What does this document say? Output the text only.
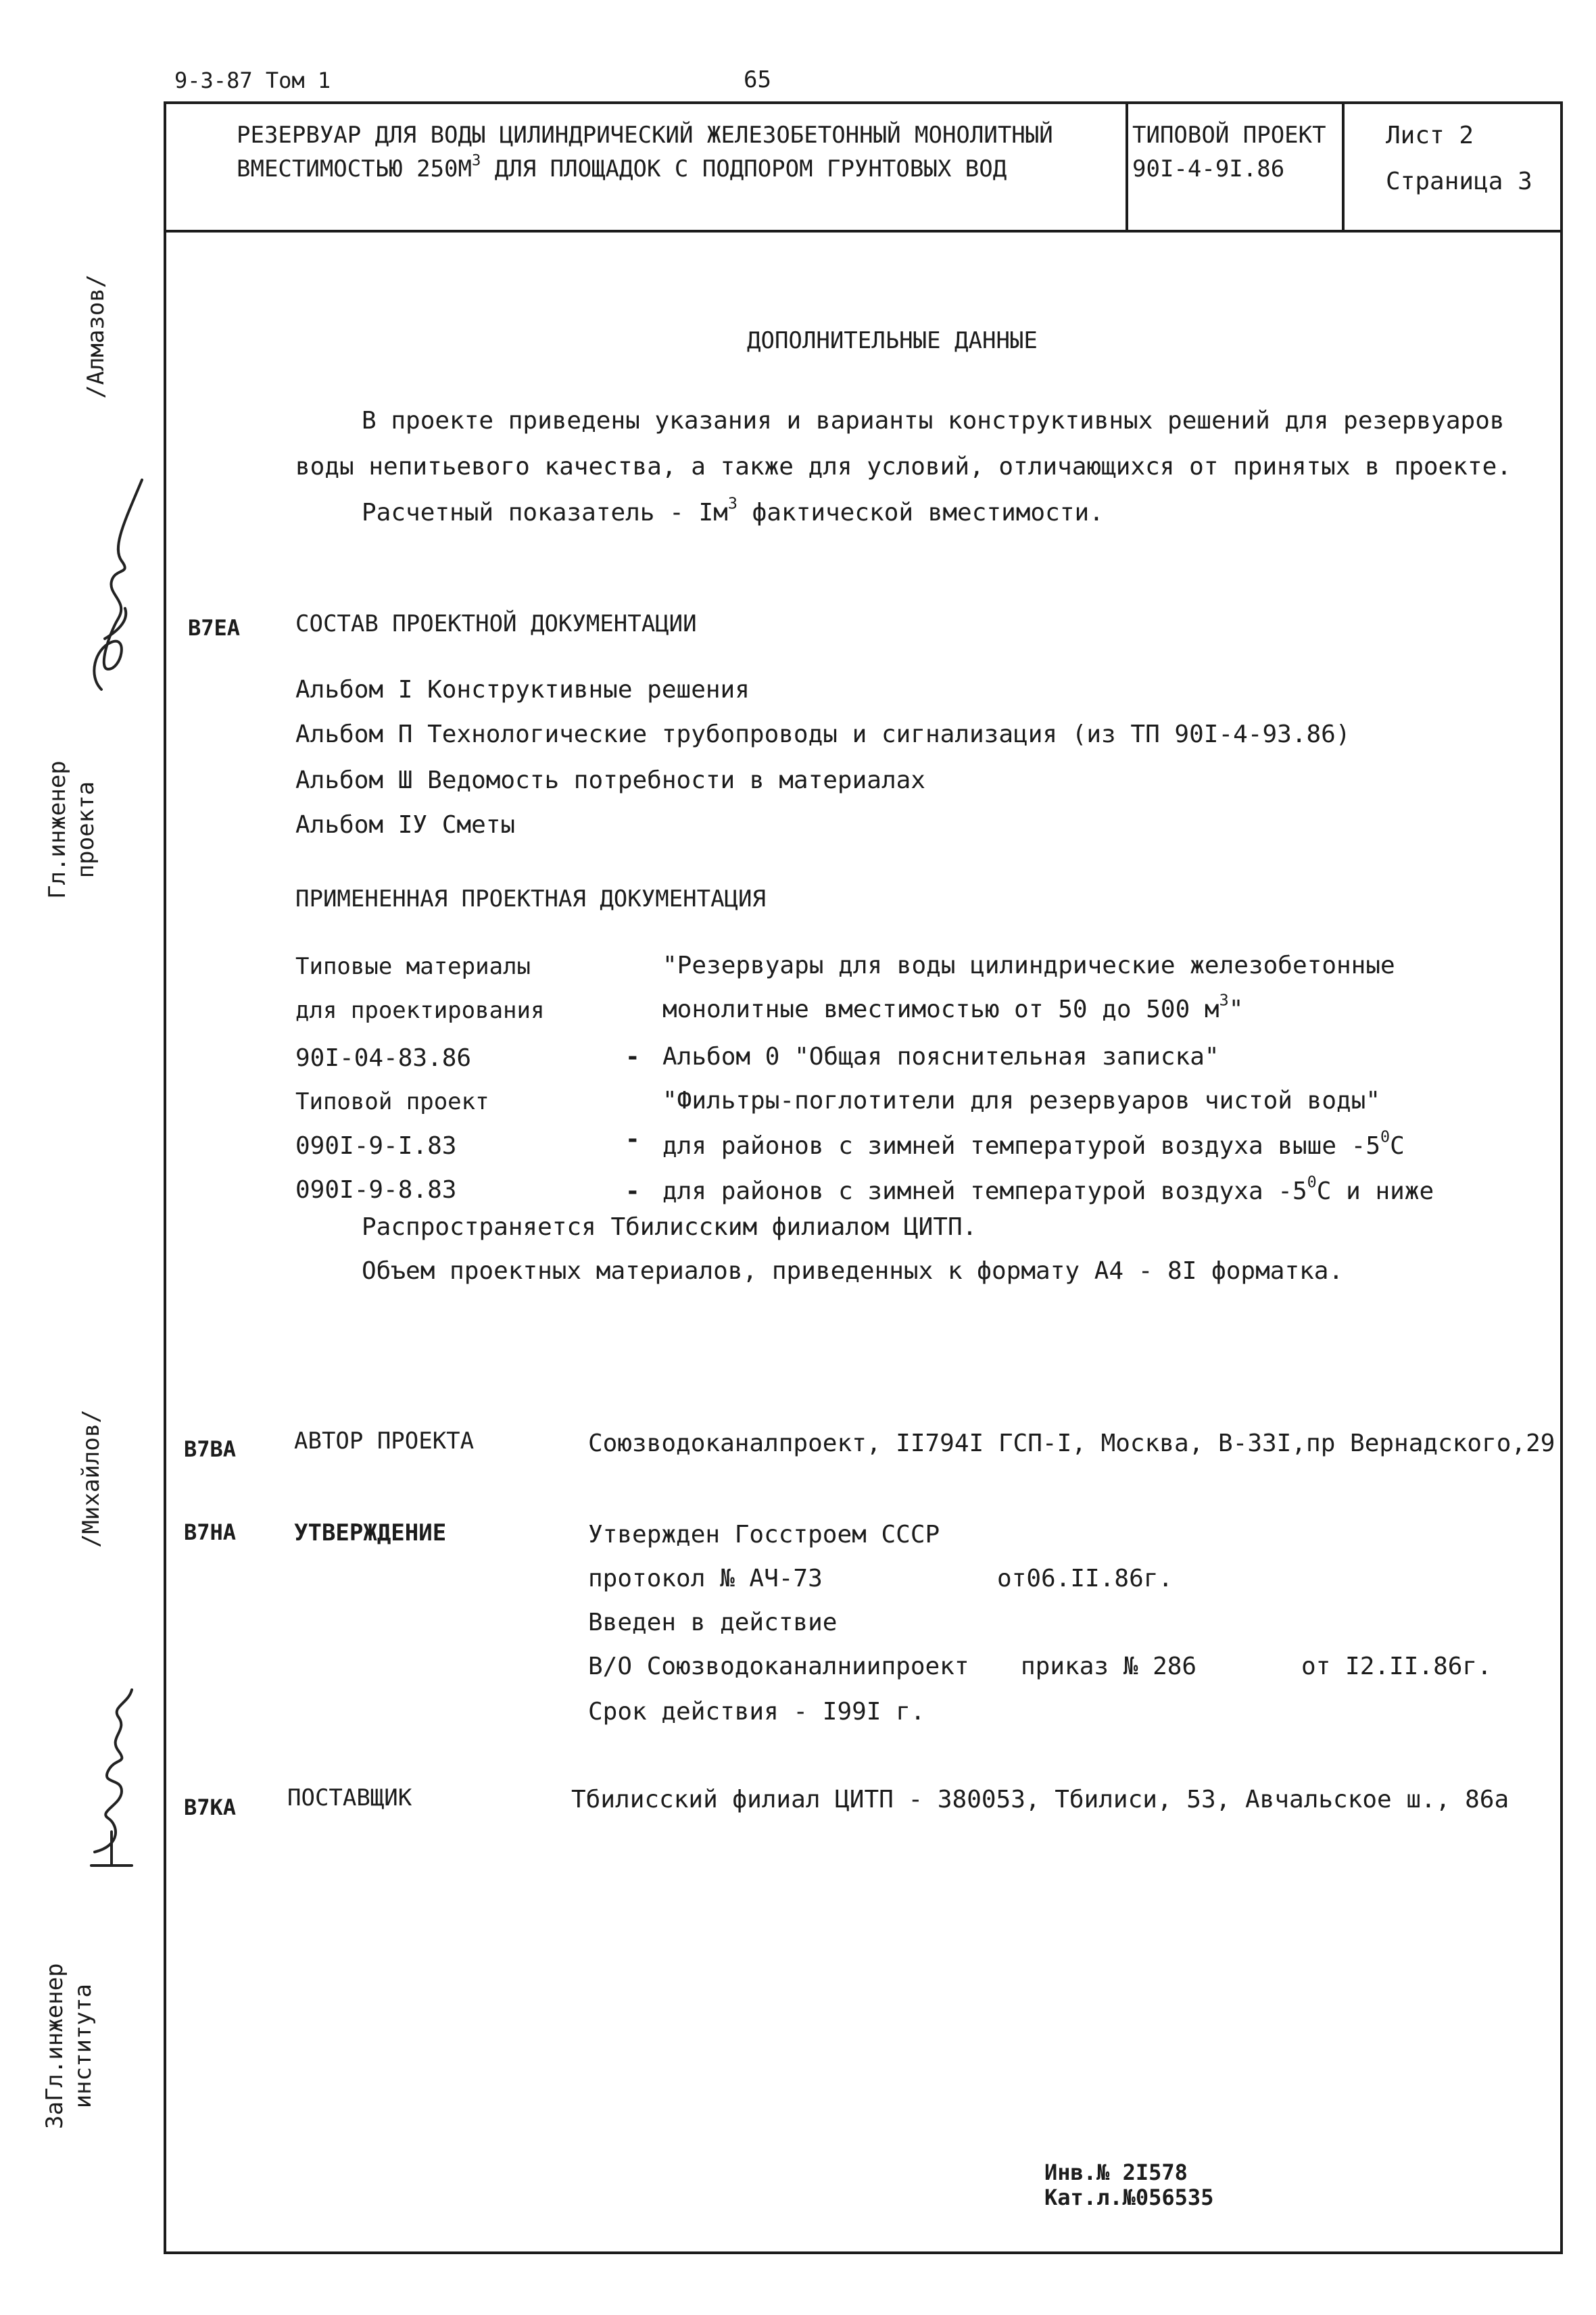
9-3-87 Том 1	65
РЕЗЕРВУАР ДЛЯ ВОДЫ ЦИЛИНДРИЧЕСКИЙ ЖЕЛЕЗОБЕТОННЫЙ МОНОЛИТНЫЙ
ВМЕСТИМОСТЬЮ $250М^3$ ДЛЯ ПЛОЩАДОК С ПОДПОРОМ ГРУНТОВЫХ ВОД
ТИПОВОЙ ПРОЕКТ
90I-4-9I.86
Лист 2
Страница 3
/Алмазов/
Гл.инженер проекта
/Михайлов/
ЗаГл.инженер института
ДОПОЛНИТЕЛЬНЫЕ ДАННЫЕ
В проекте приведены указания и варианты конструктивных решений для резервуаров
воды непитьевого качества, а также для условий, отличающихся от принятых в проекте.
Расчетный показатель - $Iм^3$ фактической вместимости.
В7ЕА СОСТАВ ПРОЕКТНОЙ ДОКУМЕНТАЦИИ
Альбом I Конструктивные решения
Альбом П Технологические трубопроводы и сигнализация (из ТП 90I-4-93.86)
Альбом Ш Ведомость потребности в материалах
Альбом IУ Сметы
ПРИМЕНЕННАЯ ПРОЕКТНАЯ ДОКУМЕНТАЦИЯ
Типовые материалы	"Резервуары для воды цилиндрические железобетонные
для проектирования	монолитные вместимостью от 50 до 500 $м^3$"
90I-04-83.86	- Альбом 0 "Общая пояснительная записка"
Типовой проект	"Фильтры-поглотители для резервуаров чистой воды"
090I-9-I.83	- для районов с зимней температурой воздуха выше $-5^0С$
090I-9-8.83	- для районов с зимней температурой воздуха $-5^0С$ и ниже
Распространяется Тбилисским филиалом ЦИТП.
Объем проектных материалов, приведенных к формату А4 - 8I форматка.
В7ВА	АВТОР ПРОЕКТА	Союзводоканалпроект, II794I ГСП-I, Москва, В-33I,пр Вернадского,29
В7НА	УТВЕРЖДЕНИЕ	Утвержден Госстроем СССР
протокол № АЧ-73	от06.II.86г.
Введен в действие
В/О Союзводоканалниипроект приказ № 286	от I2.II.86г.
Срок действия - I99I г.
В7КА ПОСТАВЩИК	Тбилисский филиал ЦИТП - 380053, Тбилиси, 53, Авчальское ш., 86а
Инв.№ 2I578
Кат.л.№056535
